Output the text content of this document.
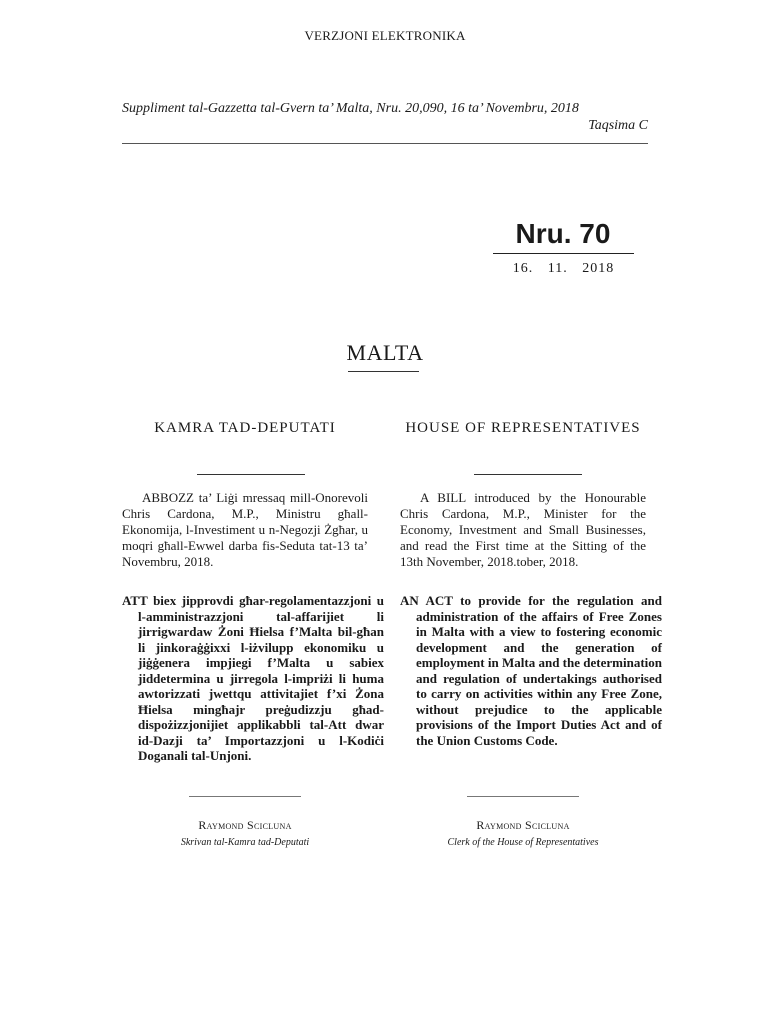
VERZJONI ELEKTRONIKA
Suppliment tal-Gazzetta tal-Gvern ta’ Malta, Nru. 20,090, 16 ta’ Novembru, 2018
Taqsima C
Nru. 70
16. 11. 2018
MALTA
KAMRA TAD-DEPUTATI
ABBOZZ ta’ Liġi mressaq mill-Onorevoli Chris Cardona, M.P., Ministru għall-Ekonomija, l-Investiment u n-Negozji Żgħar, u moqri għall-Ewwel darba fis-Seduta tat-13 ta’ Novembru, 2018.
ATT biex jipprovdi għar-regolamentazzjoni u l-amministrazzjoni tal-affarijiet li jirrigwardaw Żoni Ħielsa f’Malta bil-għan li jinkoraġġixxi l-iżvilupp ekonomiku u jiġġenera impjiegi f’Malta u sabiex jiddetermina u jirregola l-impriżi li huma awtorizzati jwettqu attivitajiet f’xi Żona Ħielsa mingħajr preġudizzju għad-dispożizzjonijiet applikabbli tal-Att dwar id-Dazji ta’ Importazzjoni u l-Kodiċi Doganali tal-Unjoni.
Raymond Scicluna
Skrivan tal-Kamra tad-Deputati
HOUSE OF REPRESENTATIVES
A BILL introduced by the Honourable Chris Cardona, M.P., Minister for the Economy, Investment and Small Businesses, and read the First time at the Sitting of the 13th November, 2018.tober, 2018.
AN ACT to provide for the regulation and administration of the affairs of Free Zones in Malta with a view to fostering economic development and the generation of employment in Malta and the determination and regulation of undertakings authorised to carry on activities within any Free Zone, without prejudice to the applicable provisions of the Import Duties Act and of the Union Customs Code.
Raymond Scicluna
Clerk of the House of Representatives
